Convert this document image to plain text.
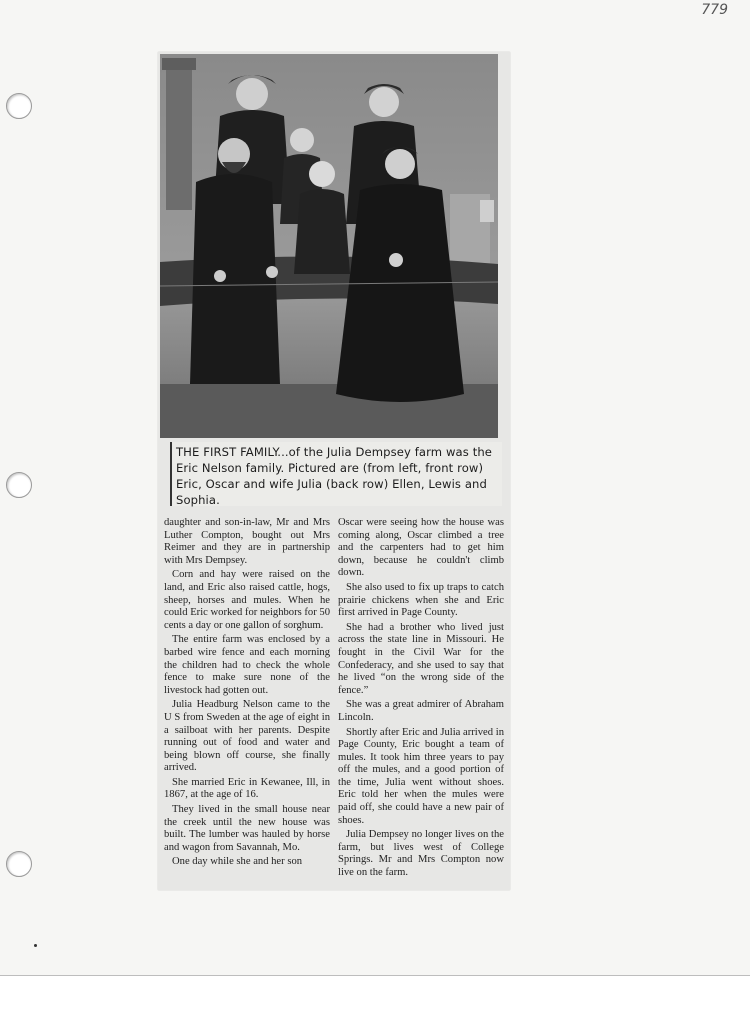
779
THE FIRST FAMILY...of the Julia Dempsey farm was the Eric Nelson family. Pictured are (from left, front row) Eric, Oscar and wife Julia (back row) Ellen, Lewis and Sophia.

daughter and son-in-law, Mr and Mrs Luther Compton, bought out Mrs Reimer and they are in partnership with Mrs Dempsey.

Corn and hay were raised on the land, and Eric also raised cattle, hogs, sheep, horses and mules. When he could Eric worked for neighbors for 50 cents a day or one gallon of sorghum.

The entire farm was enclosed by a barbed wire fence and each morning the children had to check the whole fence to make sure none of the livestock had gotten out.

Julia Headburg Nelson came to the U S from Sweden at the age of eight in a sailboat with her parents. Despite running out of food and water and being blown off course, she finally arrived.

She married Eric in Kewanee, Ill, in 1867, at the age of 16.

They lived in the small house near the creek until the new house was built. The lumber was hauled by horse and wagon from Savannah, Mo.

One day while she and her son

Oscar were seeing how the house was coming along, Oscar climbed a tree and the carpenters had to get him down, because he couldn't climb down.

She also used to fix up traps to catch prairie chickens when she and Eric first arrived in Page County.

She had a brother who lived just across the state line in Missouri. He fought in the Civil War for the Confederacy, and she used to say that he lived “on the wrong side of the fence.”

She was a great admirer of Abraham Lincoln.

Shortly after Eric and Julia arrived in Page County, Eric bought a team of mules. It took him three years to pay off the mules, and a good portion of the time, Julia went without shoes. Eric told her when the mules were paid off, she could have a new pair of shoes.

Julia Dempsey no longer lives on the farm, but lives west of College Springs. Mr and Mrs Compton now live on the farm.
